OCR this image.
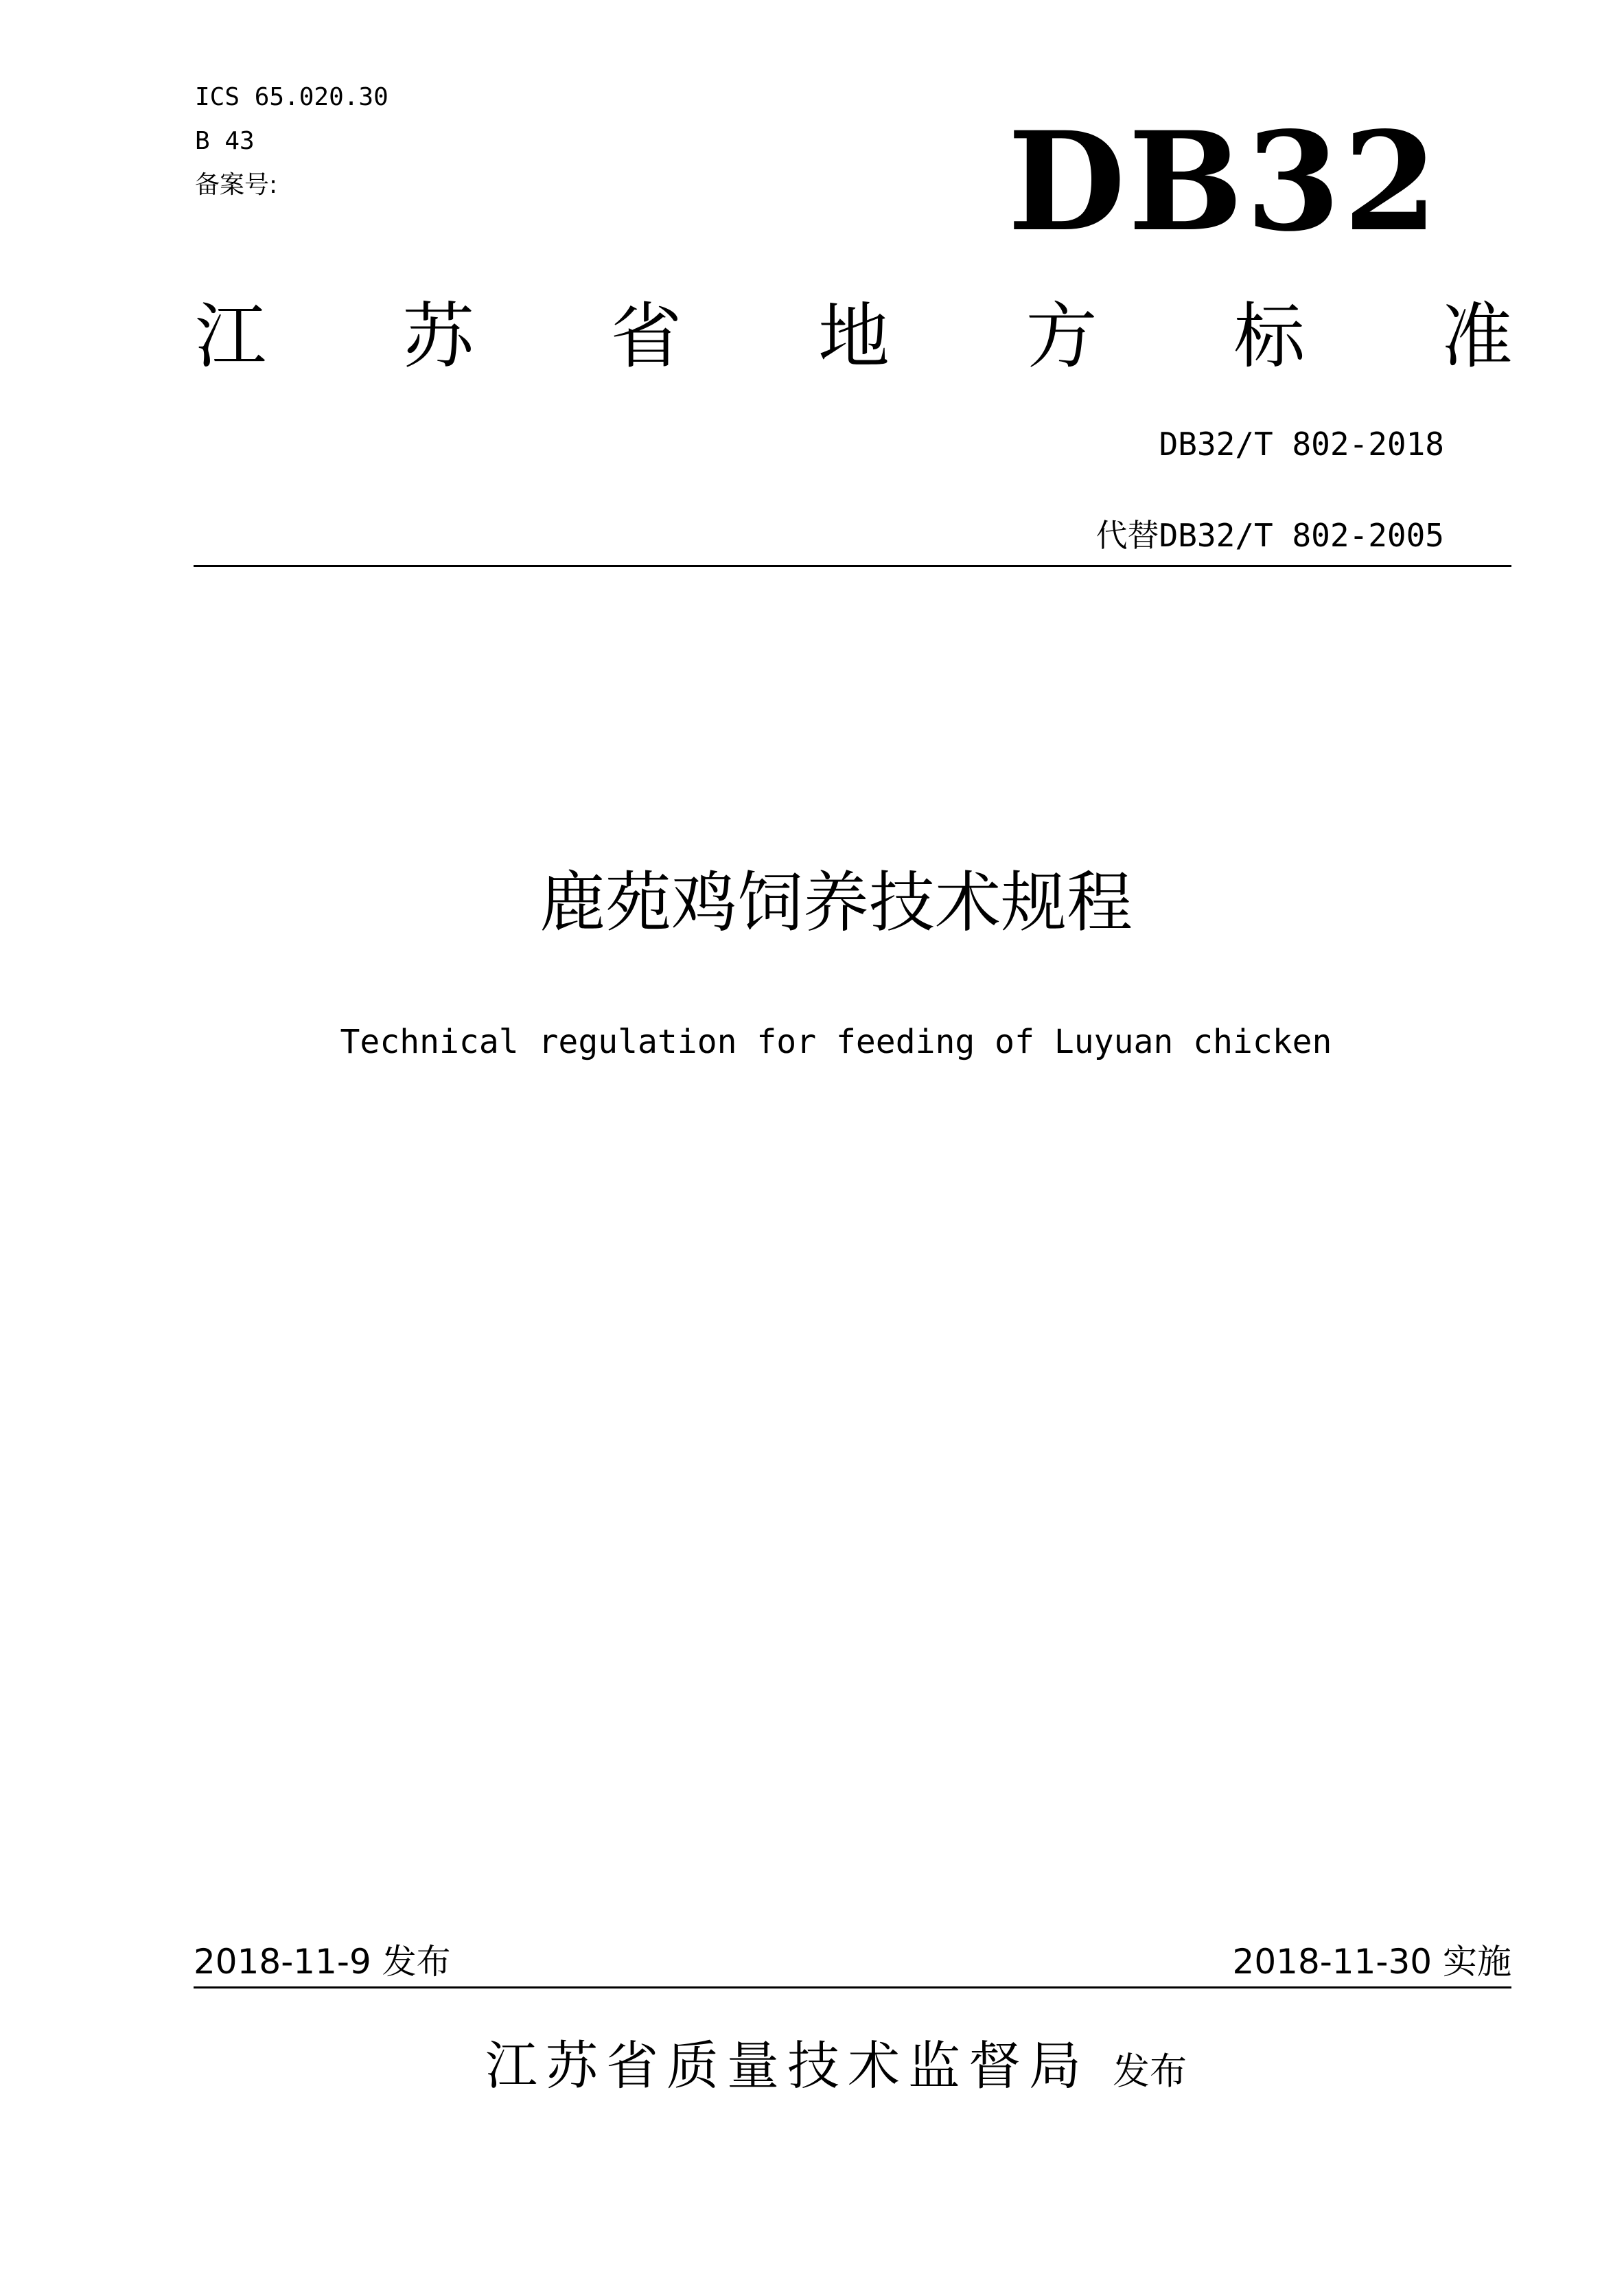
ICS 65.020.30
B 43
备案号:	DB32
江 苏 省 地 方 标 准
DB32/T 802-2018
代替DB32/T 802-2005
鹿苑鸡饲养技术规程
Technical regulation for feeding of Luyuan chicken
2018-11-9 发布	2018-11-30 实施
江苏省质量技术监督局 发布
